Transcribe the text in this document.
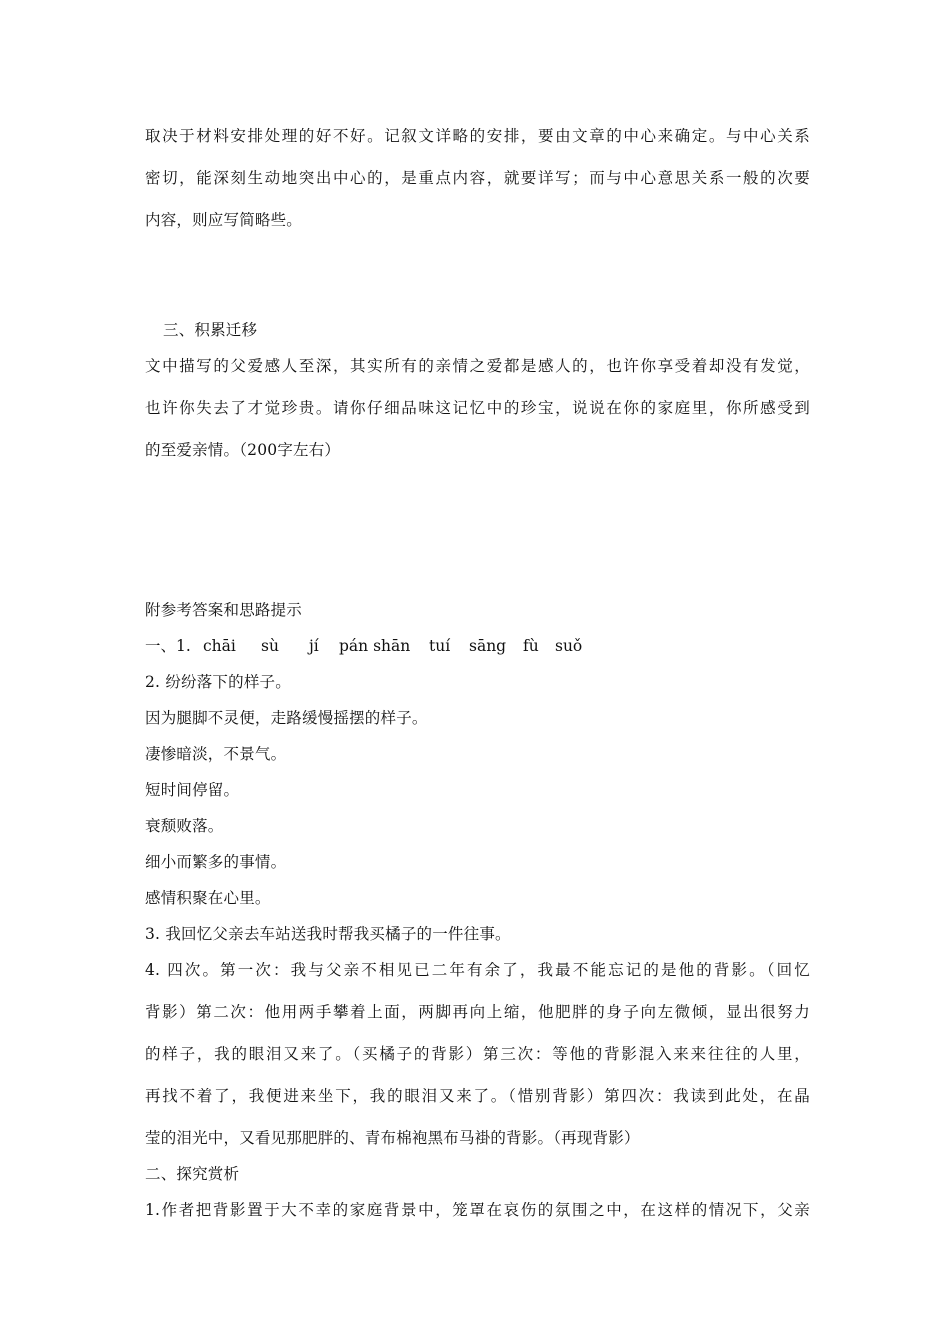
取决于材料安排处理的好不好。记叙文详略的安排，要由文章的中心来确定。与中心关系
密切，能深刻生动地突出中心的，是重点内容，就要详写；而与中心意思关系一般的次要
内容，则应写简略些。
三、积累迁移
文中描写的父爱感人至深，其实所有的亲情之爱都是感人的，也许你享受着却没有发觉，
也许你失去了才觉珍贵。请你仔细品味这记忆中的珍宝，说说在你的家庭里，你所感受到
的至爱亲情。（200字左右）
附参考答案和思路提示
一、1. chāi sù jí pán shān tuí sāng fù suǒ
2. 纷纷落下的样子。
因为腿脚不灵便，走路缓慢摇摆的样子。
凄惨暗淡，不景气。
短时间停留。
衰颓败落。
细小而繁多的事情。
感情积聚在心里。
3. 我回忆父亲去车站送我时帮我买橘子的一件往事。
4. 四次。第一次：我与父亲不相见已二年有余了，我最不能忘记的是他的背影。（回忆
背影）第二次：他用两手攀着上面，两脚再向上缩，他肥胖的身子向左微倾，显出很努力
的样子，我的眼泪又来了。（买橘子的背影）第三次：等他的背影混入来来往往的人里，
再找不着了，我便进来坐下，我的眼泪又来了。（惜别背影）第四次：我读到此处，在晶
莹的泪光中，又看见那肥胖的、青布棉袍黑布马褂的背影。（再现背影）
二、探究赏析
1.作者把背影置于大不幸的家庭背景中，笼罩在哀伤的氛围之中，在这样的情况下，父亲
